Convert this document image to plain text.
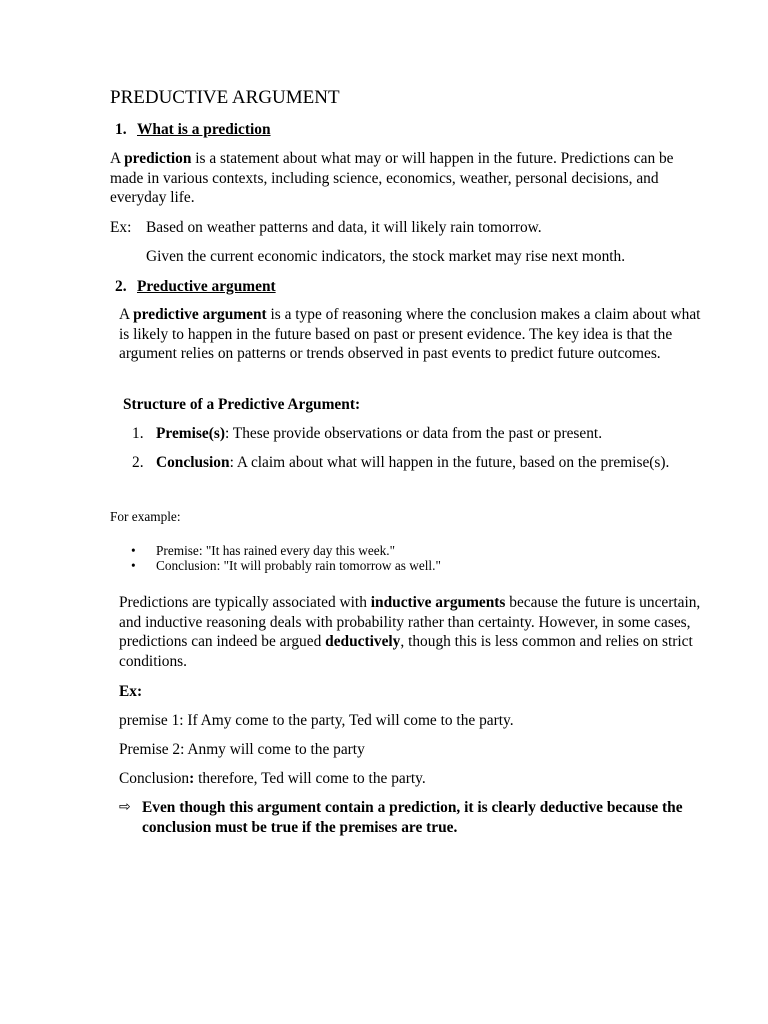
PREDUCTIVE ARGUMENT
1. What is a prediction
A prediction is a statement about what may or will happen in the future. Predictions can be made in various contexts, including science, economics, weather, personal decisions, and everyday life.
Ex: Based on weather patterns and data, it will likely rain tomorrow.
Given the current economic indicators, the stock market may rise next month.
2. Preductive argument
A predictive argument is a type of reasoning where the conclusion makes a claim about what is likely to happen in the future based on past or present evidence. The key idea is that the argument relies on patterns or trends observed in past events to predict future outcomes.
Structure of a Predictive Argument:
1. Premise(s): These provide observations or data from the past or present.
2. Conclusion: A claim about what will happen in the future, based on the premise(s).
For example:
• Premise: "It has rained every day this week."
• Conclusion: "It will probably rain tomorrow as well."
Predictions are typically associated with inductive arguments because the future is uncertain, and inductive reasoning deals with probability rather than certainty. However, in some cases, predictions can indeed be argued deductively, though this is less common and relies on strict conditions.
Ex:
premise 1: If Amy come to the party, Ted will come to the party.
Premise 2: Anmy will come to the party
Conclusion: therefore, Ted will come to the party.
⇨ Even though this argument contain a prediction, it is clearly deductive because the conclusion must be true if the premises are true.
